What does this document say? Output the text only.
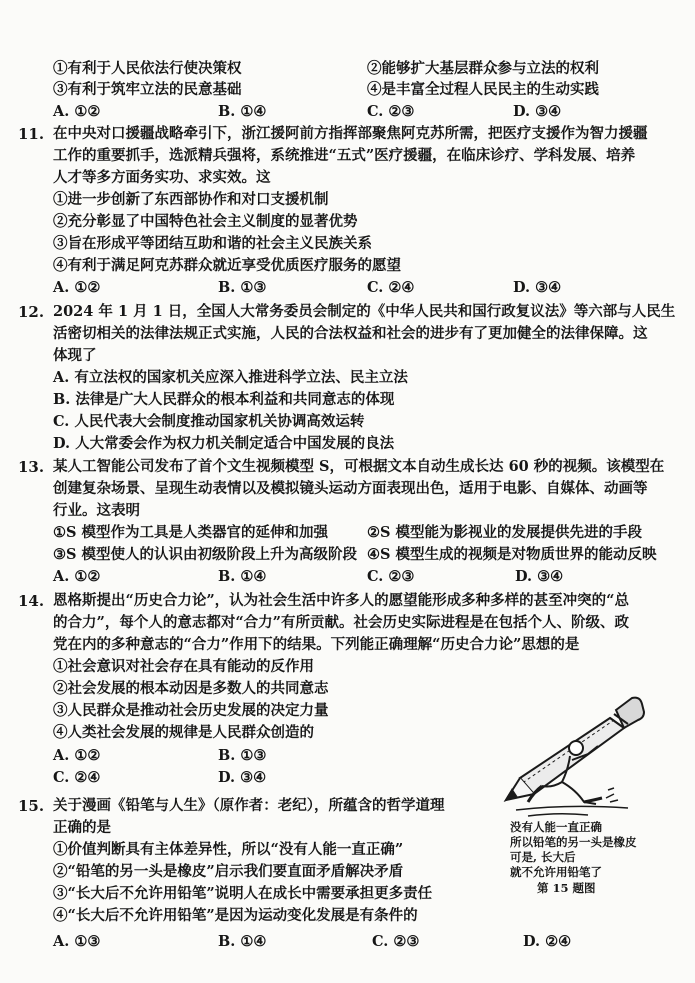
①有利于人民依法行使决策权	②能够扩大基层群众参与立法的权利
③有利于筑牢立法的民意基础	④是丰富全过程人民民主的生动实践
A. ①②	B. ①④	C. ②③	D. ③④
11. 在中央对口援疆战略牵引下，浙江援阿前方指挥部聚焦阿克苏所需，把医疗支援作为智力援疆
工作的重要抓手，选派精兵强将，系统推进“五式”医疗援疆，在临床诊疗、学科发展、培养
人才等多方面务实功、求实效。这
①进一步创新了东西部协作和对口支援机制
②充分彰显了中国特色社会主义制度的显著优势
③旨在形成平等团结互助和谐的社会主义民族关系
④有利于满足阿克苏群众就近享受优质医疗服务的愿望
A. ①②	B. ①③	C. ②④	D. ③④
12. 2024 年 1 月 1 日，全国人大常务委员会制定的《中华人民共和国行政复议法》等六部与人民生
活密切相关的法律法规正式实施，人民的合法权益和社会的进步有了更加健全的法律保障。这
体现了
A. 有立法权的国家机关应深入推进科学立法、民主立法
B. 法律是广大人民群众的根本利益和共同意志的体现
C. 人民代表大会制度推动国家机关协调高效运转
D. 人大常委会作为权力机关制定适合中国发展的良法
13. 某人工智能公司发布了首个文生视频模型 S，可根据文本自动生成长达 60 秒的视频。该模型在
创建复杂场景、呈现生动表情以及模拟镜头运动方面表现出色，适用于电影、自媒体、动画等
行业。这表明
①S 模型作为工具是人类器官的延伸和加强	②S 模型能为影视业的发展提供先进的手段
③S 模型使人的认识由初级阶段上升为高级阶段 ④S 模型生成的视频是对物质世界的能动反映
A. ①②	B. ①④	C. ②③	D. ③④
14. 恩格斯提出“历史合力论”，认为社会生活中许多人的愿望能形成多种多样的甚至冲突的“总
的合力”，每个人的意志都对“合力”有所贡献。社会历史实际进程是在包括个人、阶级、政
党在内的多种意志的“合力”作用下的结果。下列能正确理解“历史合力论”思想的是
①社会意识对社会存在具有能动的反作用
②社会发展的根本动因是多数人的共同意志
③人民群众是推动社会历史发展的决定力量
④人类社会发展的规律是人民群众创造的
A. ①②	B. ①③
C. ②④	D. ③④
15. 关于漫画《铅笔与人生》（原作者：老纪），所蕴含的哲学道理
正确的是
①价值判断具有主体差异性，所以“没有人能一直正确”
②“铅笔的另一头是橡皮”启示我们要直面矛盾解决矛盾
③“长大后不允许用铅笔”说明人在成长中需要承担更多责任
④“长大后不允许用铅笔”是因为运动变化发展是有条件的
A. ①③	B. ①④	C. ②③	D. ②④
没有人能一直正确
所以铅笔的另一头是橡皮
可是, 长大后
就不允许用铅笔了
第 15 题图
